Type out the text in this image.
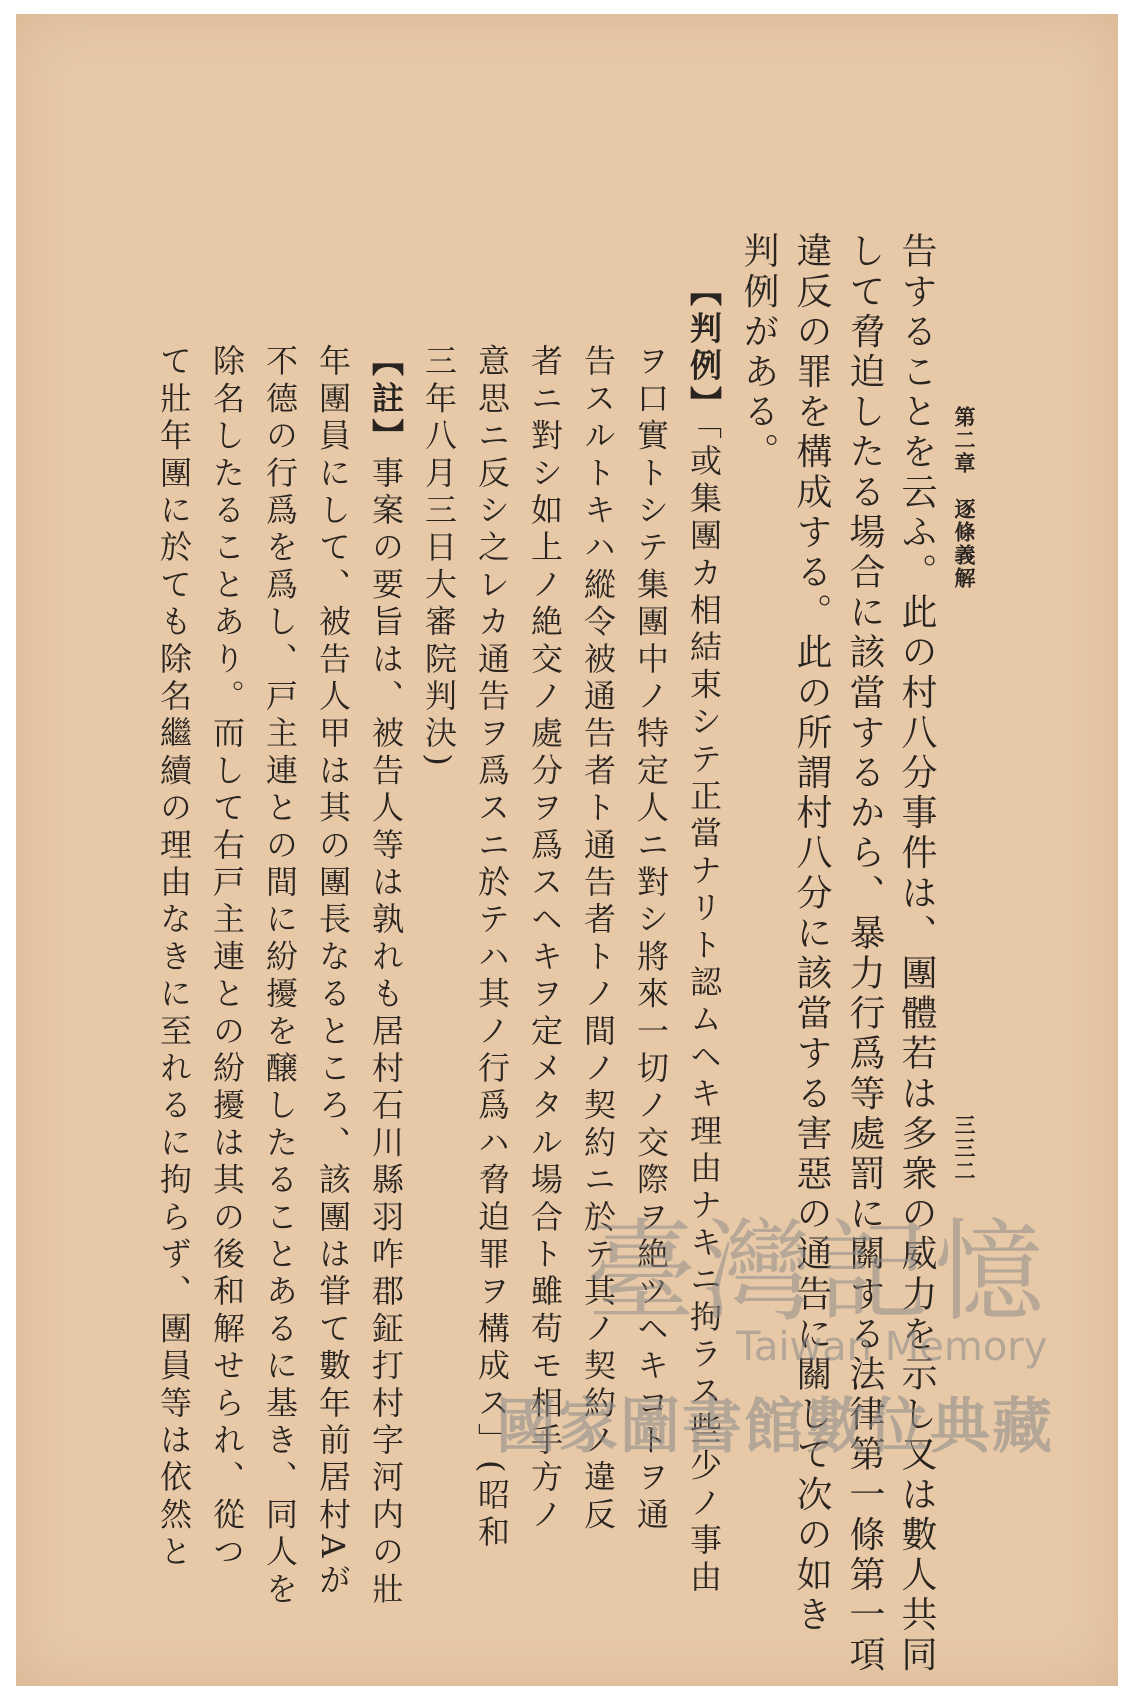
第二章　逐條義解
三三二
告することを云ふ。此の村八分事件は、團體若は多衆の威力を示し又は數人共同
して脅迫したる場合に該當するから、暴力行爲等處罰に關する法律第一條第一項
違反の罪を構成する。此の所謂村八分に該當する害惡の通告に關して次の如き
判例がある。
【判例】「或集團カ相結束シテ正當ナリト認ムヘキ理由ナキニ拘ラス些少ノ事由
ヲ口實トシテ集團中ノ特定人ニ對シ將來一切ノ交際ヲ絶ツヘキコトヲ通
告スルトキハ縱令被通告者ト通告者トノ間ノ契約ニ於テ其ノ契約ノ違反
者ニ對シ如上ノ絶交ノ處分ヲ爲スヘキヲ定メタル場合ト雖苟モ相手方ノ
意思ニ反シ之レカ通告ヲ爲スニ於テハ其ノ行爲ハ脅迫罪ヲ構成ス」(昭和
三年八月三日大審院判決)
【註】事案の要旨は、被告人等は孰れも居村石川縣羽咋郡鉦打村字河内の壯
年團員にして、被告人甲は其の團長なるところ、該團は甞て數年前居村Aが
不德の行爲を爲し、戸主連との間に紛擾を醸したることあるに基き、同人を
除名したることあり。而して右戸主連との紛擾は其の後和解せられ、從つ
て壯年團に於ても除名繼續の理由なきに至れるに拘らず、團員等は依然と	臺灣記憶
Taiwan Memory
國家圖書館數位典藏
